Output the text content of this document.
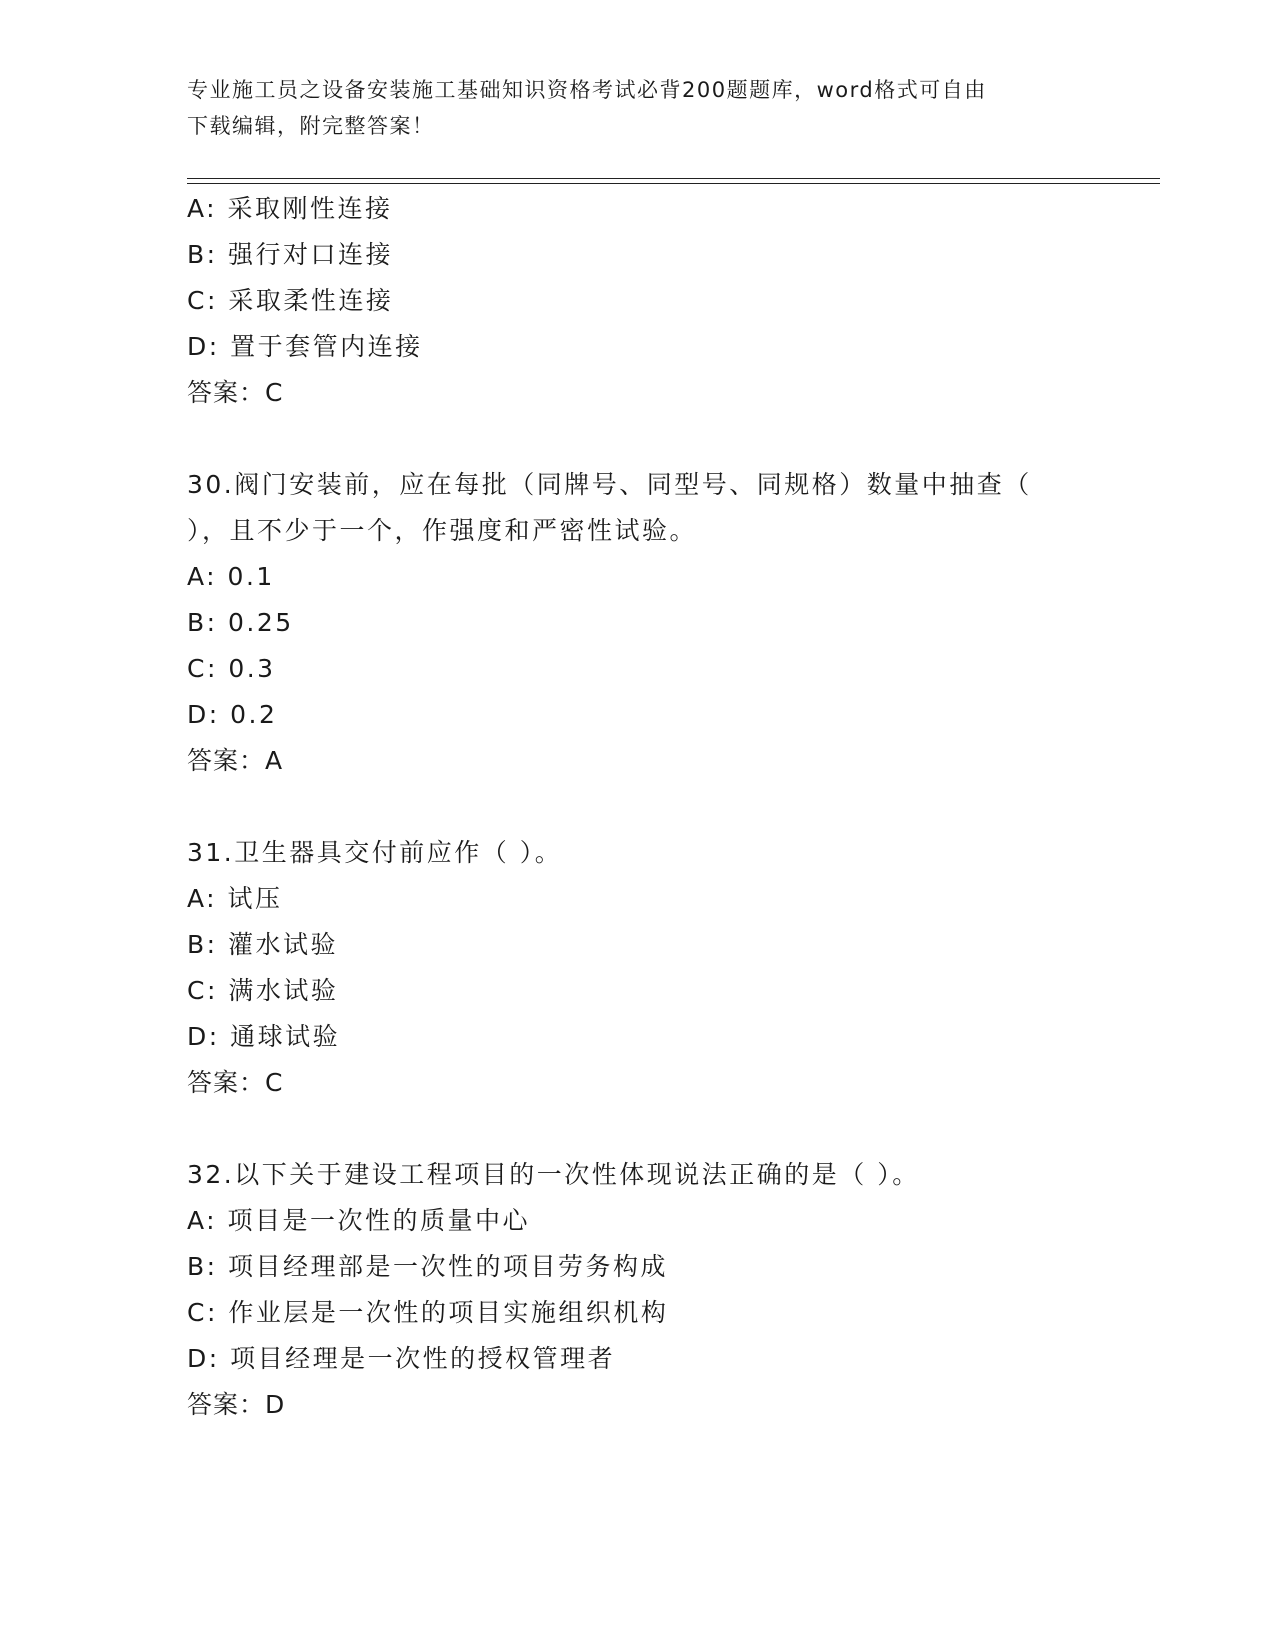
专业施工员之设备安装施工基础知识资格考试必背200题题库，word格式可自由
下载编辑，附完整答案！
A: 采取刚性连接
B: 强行对口连接
C: 采取柔性连接
D: 置于套管内连接
答案：C
30.阀门安装前，应在每批（同牌号、同型号、同规格）数量中抽查（
），且不少于一个，作强度和严密性试验。
A: 0.1
B: 0.25
C: 0.3
D: 0.2
答案：A
31.卫生器具交付前应作（ ）。
A: 试压
B: 灌水试验
C: 满水试验
D: 通球试验
答案：C
32.以下关于建设工程项目的一次性体现说法正确的是（ ）。
A: 项目是一次性的质量中心
B: 项目经理部是一次性的项目劳务构成
C: 作业层是一次性的项目实施组织机构
D: 项目经理是一次性的授权管理者
答案：D
